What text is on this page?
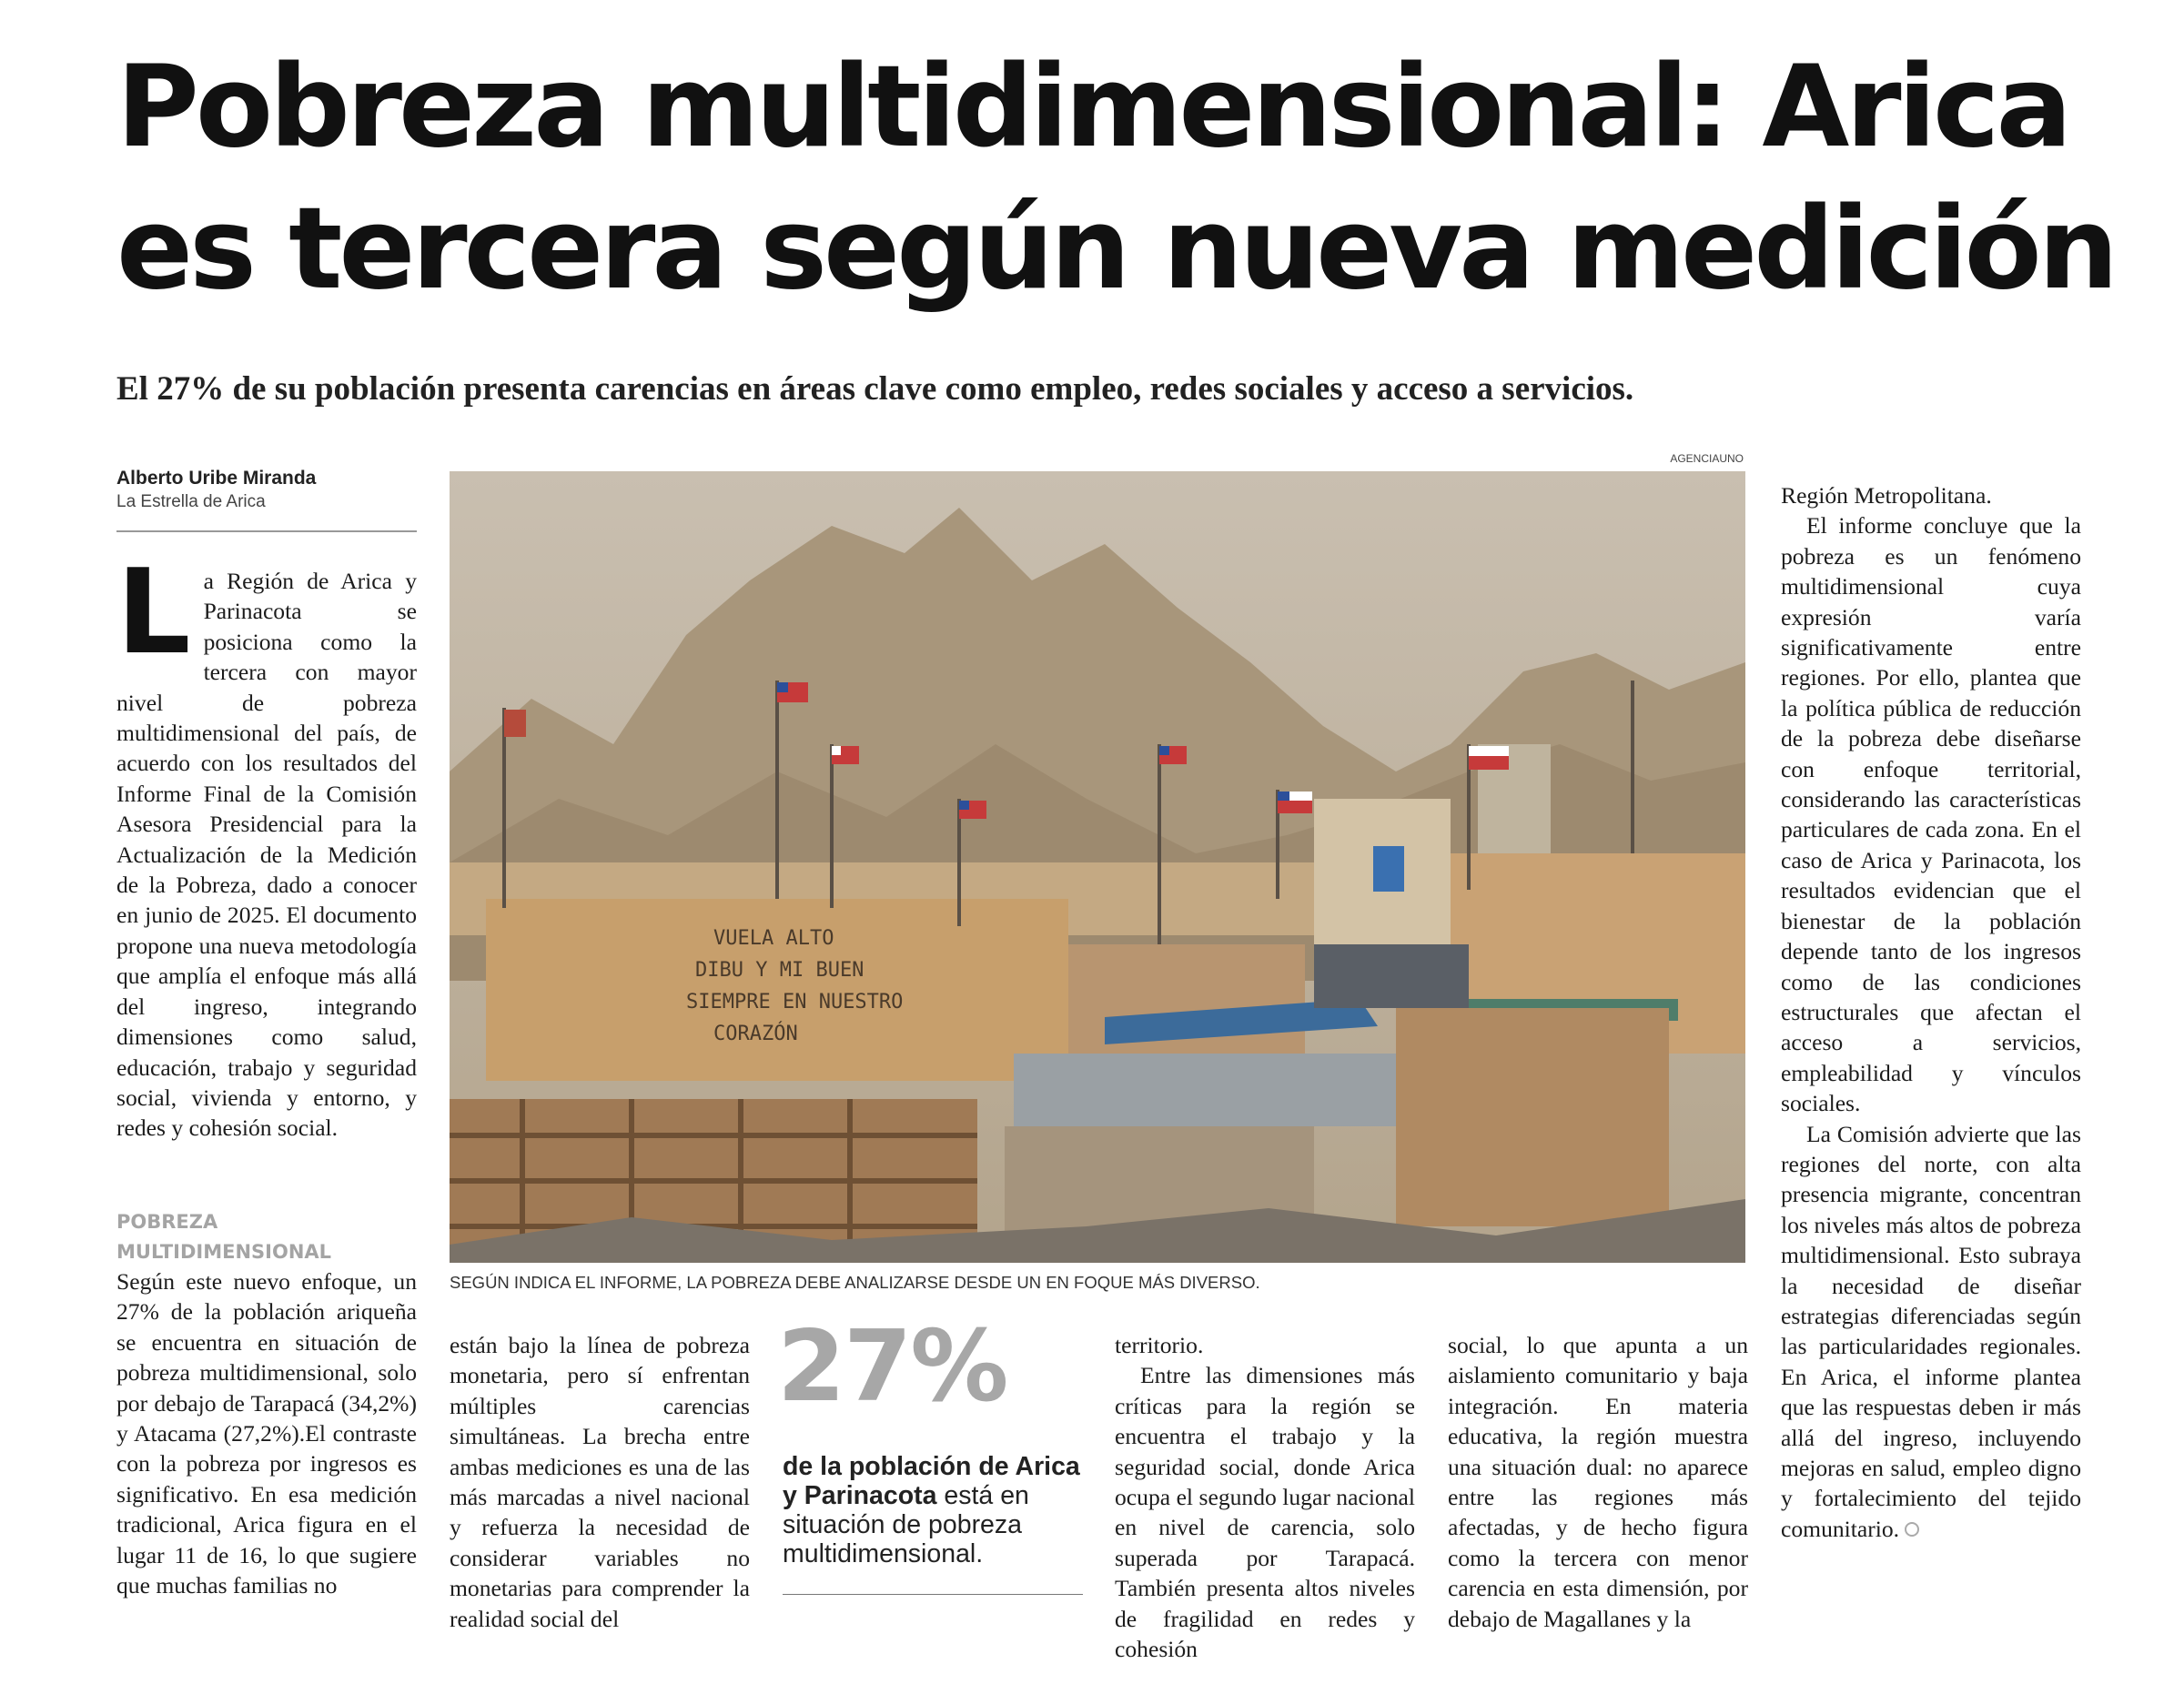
Pobreza multidimensional: Arica
es tercera según nueva medición
El 27% de su población presenta carencias en áreas clave como empleo, redes sociales y acceso a servicios.
Alberto Uribe Miranda
La Estrella de Arica
L a Región de Arica y Parinacota se posiciona como la tercera con mayor nivel de pobreza multidimensional del país, de acuerdo con los resultados del Informe Final de la Comisión Asesora Presidencial para la Actualización de la Medición de la Pobreza, dado a conocer en junio de 2025. El documento propone una nueva metodología que amplía el enfoque más allá del ingreso, integrando dimensiones como salud, educación, trabajo y seguridad social, vivienda y entorno, y redes y cohesión social.

POBREZA MULTIDIMENSIONAL

Según este nuevo enfoque, un 27% de la población ariqueña se encuentra en situación de pobreza multidimensional, solo por debajo de Tarapacá (34,2%) y Atacama (27,2%).El contraste con la pobreza por ingresos es significativo. En esa medición tradicional, Arica figura en el lugar 11 de 16, lo que sugiere que muchas familias no

AGENCIAUNO
VUELA ALTO
DIBU Y MI BUEN
SIEMPRE EN NUESTRO
CORAZÓN
SEGÚN INDICA EL INFORME, LA POBREZA DEBE ANALIZARSE DESDE UN EN FOQUE MÁS DIVERSO.

están bajo la línea de pobreza monetaria, pero sí enfrentan múltiples carencias simultáneas. La brecha entre ambas mediciones es una de las más marcadas a nivel nacional y refuerza la necesidad de considerar variables no monetarias para comprender la realidad social del

27%
de la población de Arica y Parinacota está en situación de pobreza multidimensional.

territorio.

Entre las dimensiones más críticas para la región se encuentra el trabajo y la seguridad social, donde Arica ocupa el segundo lugar nacional en nivel de carencia, solo superada por Tarapacá. También presenta altos niveles de fragilidad en redes y cohesión

social, lo que apunta a un aislamiento comunitario y baja integración. En materia educativa, la región muestra una situación dual: no aparece entre las regiones más afectadas, y de hecho figura como la tercera con menor carencia en esta dimensión, por debajo de Magallanes y la

Región Metropolitana.

El informe concluye que la pobreza es un fenómeno multidimensional cuya expresión varía significativamente entre regiones. Por ello, plantea que la política pública de reducción de la pobreza debe diseñarse con enfoque territorial, considerando las características particulares de cada zona. En el caso de Arica y Parinacota, los resultados evidencian que el bienestar de la población depende tanto de los ingresos como de las condiciones estructurales que afectan el acceso a servicios, empleabilidad y vínculos sociales.

La Comisión advierte que las regiones del norte, con alta presencia migrante, concentran los niveles más altos de pobreza multidimensional. Esto subraya la necesidad de diseñar estrategias diferenciadas según las particularidades regionales. En Arica, el informe plantea que las respuestas deben ir más allá del ingreso, incluyendo mejoras en salud, empleo digno y fortalecimiento del tejido comunitario.
